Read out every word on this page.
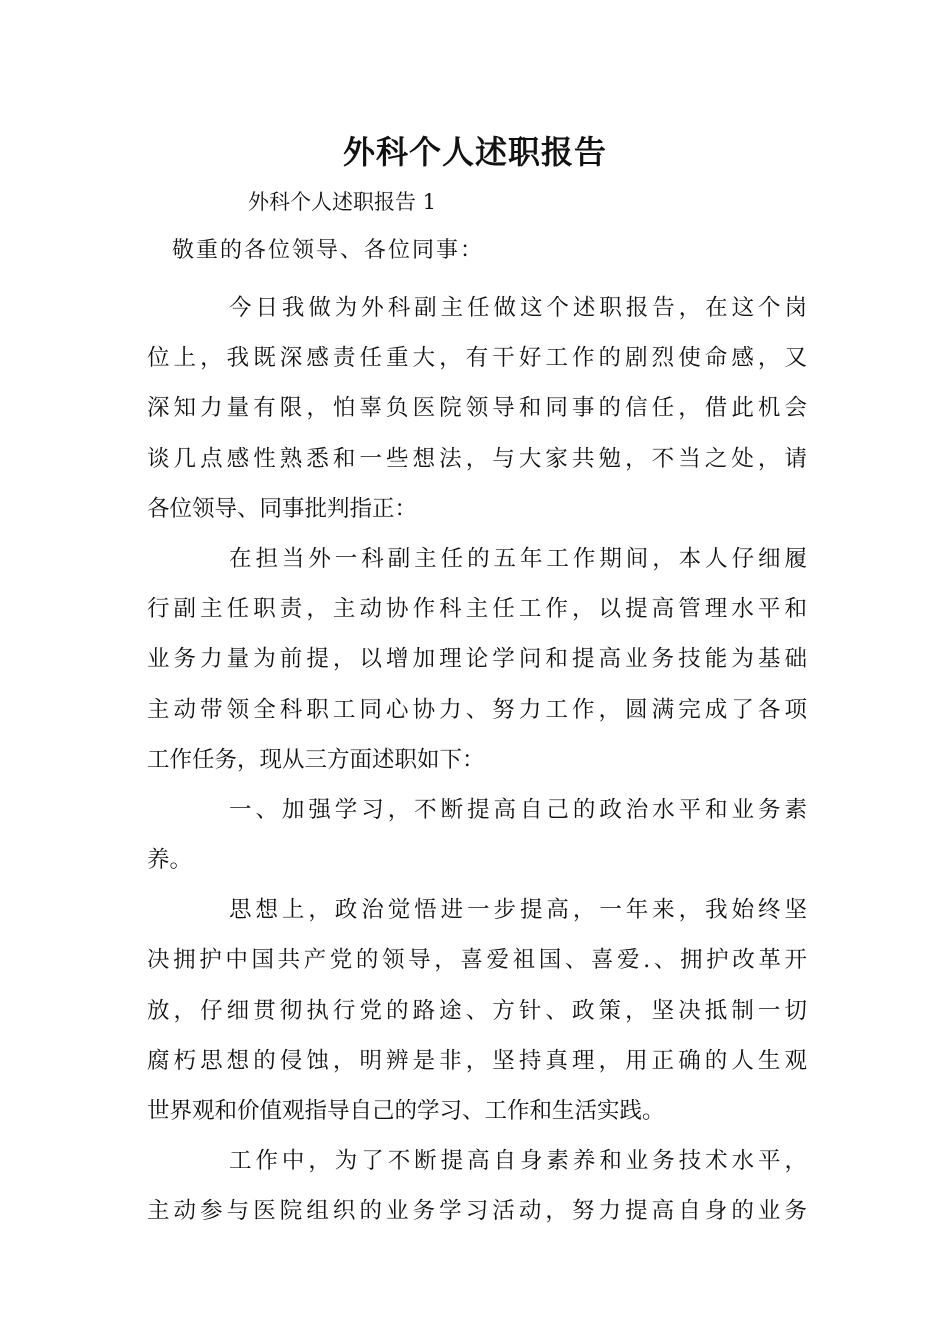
外科个人述职报告
外科个人述职报告 1
敬重的各位领导、各位同事：
今日我做为外科副主任做这个述职报告，在这个岗
位上，我既深感责任重大，有干好工作的剧烈使命感，又
深知力量有限，怕辜负医院领导和同事的信任，借此机会
谈几点感性熟悉和一些想法，与大家共勉，不当之处，请
各位领导、同事批判指正：
在担当外一科副主任的五年工作期间，本人仔细履
行副主任职责，主动协作科主任工作，以提高管理水平和
业务力量为前提，以增加理论学问和提高业务技能为基础
主动带领全科职工同心协力、努力工作，圆满完成了各项
工作任务，现从三方面述职如下：
一、加强学习，不断提高自己的政治水平和业务素
养。
思想上，政治觉悟进一步提高，一年来，我始终坚
决拥护中国共产党的领导，喜爱祖国、喜爱.、拥护改革开
放，仔细贯彻执行党的路途、方针、政策，坚决抵制一切
腐朽思想的侵蚀，明辨是非，坚持真理，用正确的人生观
世界观和价值观指导自己的学习、工作和生活实践。
工作中，为了不断提高自身素养和业务技术水平，
主动参与医院组织的业务学习活动，努力提高自身的业务
